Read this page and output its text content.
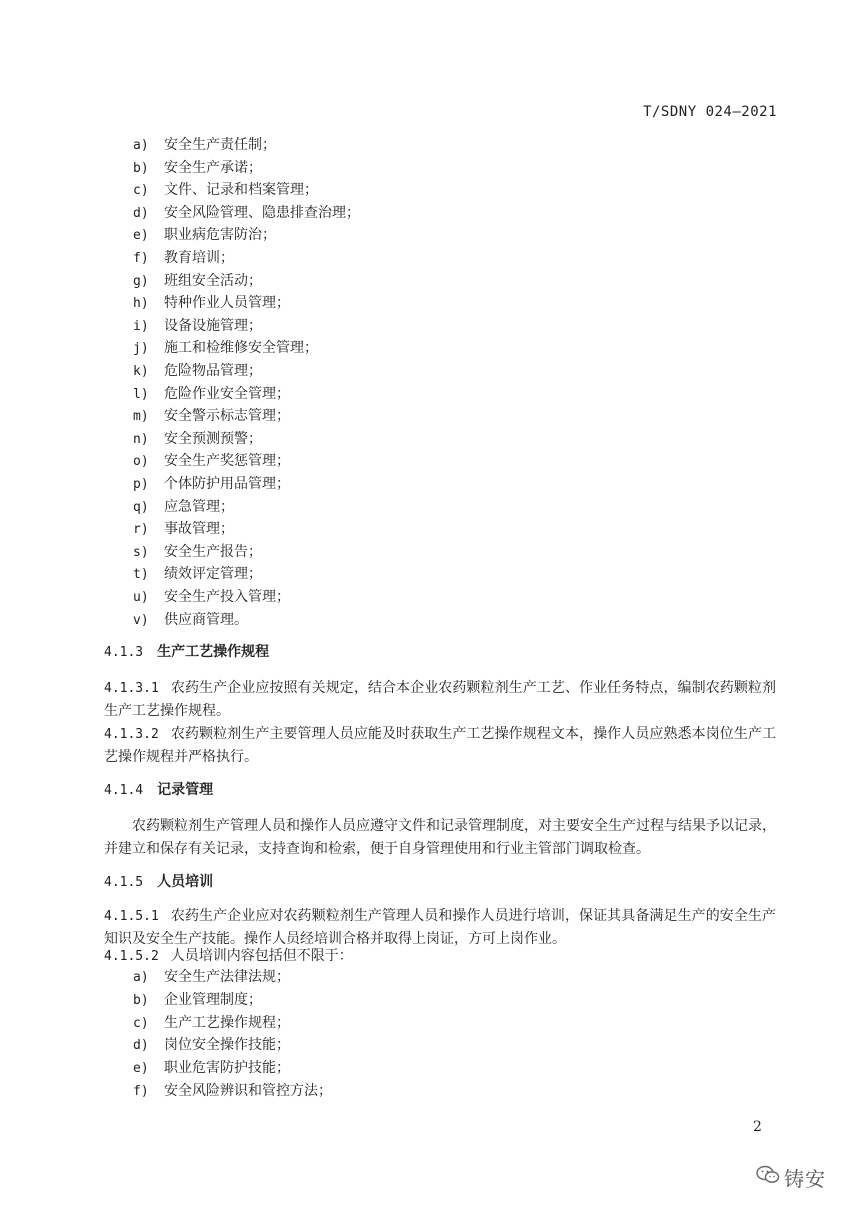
T/SDNY 024—2021
a) 安全生产责任制；
b) 安全生产承诺；
c) 文件、记录和档案管理；
d) 安全风险管理、隐患排查治理；
e) 职业病危害防治；
f) 教育培训；
g) 班组安全活动；
h) 特种作业人员管理；
i) 设备设施管理；
j) 施工和检维修安全管理；
k) 危险物品管理；
l) 危险作业安全管理；
m) 安全警示标志管理；
n) 安全预测预警；
o) 安全生产奖惩管理；
p) 个体防护用品管理；
q) 应急管理；
r) 事故管理；
s) 安全生产报告；
t) 绩效评定管理；
u) 安全生产投入管理；
v) 供应商管理。
4.1.3 生产工艺操作规程
4.1.3.1 农药生产企业应按照有关规定，结合本企业农药颗粒剂生产工艺、作业任务特点，编制农药颗粒剂生产工艺操作规程。
4.1.3.2 农药颗粒剂生产主要管理人员应能及时获取生产工艺操作规程文本，操作人员应熟悉本岗位生产工艺操作规程并严格执行。
4.1.4 记录管理
农药颗粒剂生产管理人员和操作人员应遵守文件和记录管理制度，对主要安全生产过程与结果予以记录，并建立和保存有关记录，支持查询和检索，便于自身管理使用和行业主管部门调取检查。
4.1.5 人员培训
4.1.5.1 农药生产企业应对农药颗粒剂生产管理人员和操作人员进行培训，保证其具备满足生产的安全生产知识及安全生产技能。操作人员经培训合格并取得上岗证，方可上岗作业。
4.1.5.2 人员培训内容包括但不限于：
a) 安全生产法律法规；
b) 企业管理制度；
c) 生产工艺操作规程；
d) 岗位安全操作技能；
e) 职业危害防护技能；
f) 安全风险辨识和管控方法；
2
铸安
